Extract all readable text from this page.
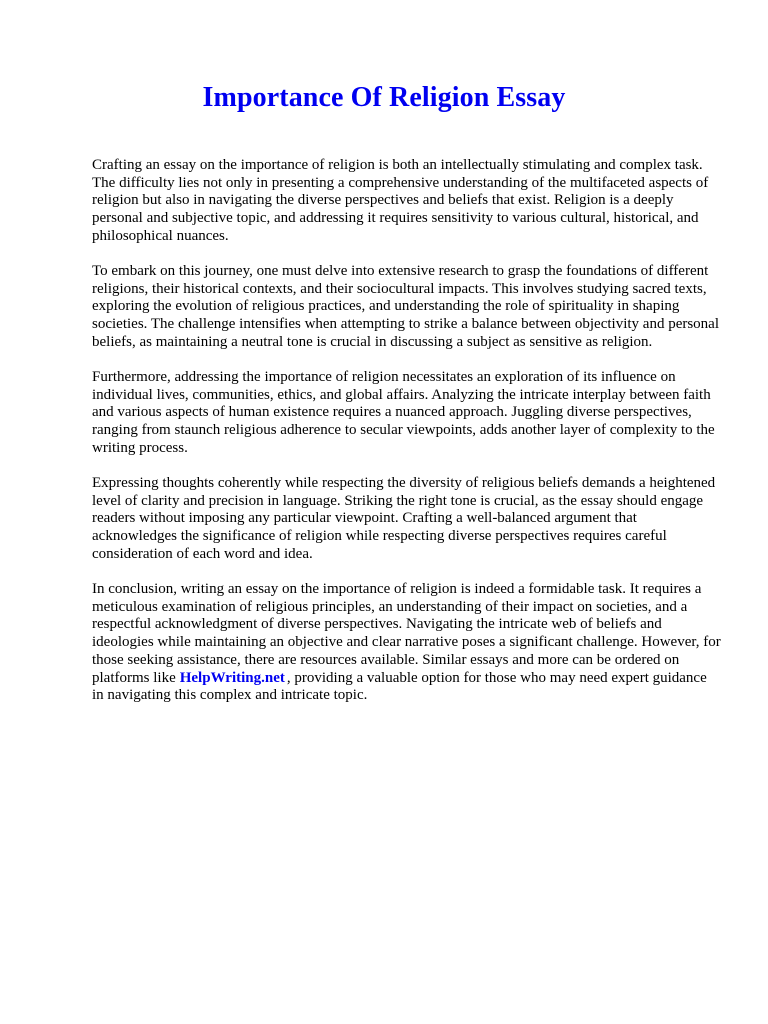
Importance Of Religion Essay

Crafting an essay on the importance of religion is both an intellectually stimulating and complex task. The difficulty lies not only in presenting a comprehensive understanding of the multifaceted aspects of religion but also in navigating the diverse perspectives and beliefs that exist. Religion is a deeply personal and subjective topic, and addressing it requires sensitivity to various cultural, historical, and philosophical nuances.

To embark on this journey, one must delve into extensive research to grasp the foundations of different religions, their historical contexts, and their sociocultural impacts. This involves studying sacred texts, exploring the evolution of religious practices, and understanding the role of spirituality in shaping societies. The challenge intensifies when attempting to strike a balance between objectivity and personal beliefs, as maintaining a neutral tone is crucial in discussing a subject as sensitive as religion.

Furthermore, addressing the importance of religion necessitates an exploration of its influence on individual lives, communities, ethics, and global affairs. Analyzing the intricate interplay between faith and various aspects of human existence requires a nuanced approach. Juggling diverse perspectives, ranging from staunch religious adherence to secular viewpoints, adds another layer of complexity to the writing process.

Expressing thoughts coherently while respecting the diversity of religious beliefs demands a heightened level of clarity and precision in language. Striking the right tone is crucial, as the essay should engage readers without imposing any particular viewpoint. Crafting a well-balanced argument that acknowledges the significance of religion while respecting diverse perspectives requires careful consideration of each word and idea.

In conclusion, writing an essay on the importance of religion is indeed a formidable task. It requires a meticulous examination of religious principles, an understanding of their impact on societies, and a respectful acknowledgment of diverse perspectives. Navigating the intricate web of beliefs and ideologies while maintaining an objective and clear narrative poses a significant challenge. However, for those seeking assistance, there are resources available. Similar essays and more can be ordered on platforms like HelpWriting.net , providing a valuable option for those who may need expert guidance in navigating this complex and intricate topic.
